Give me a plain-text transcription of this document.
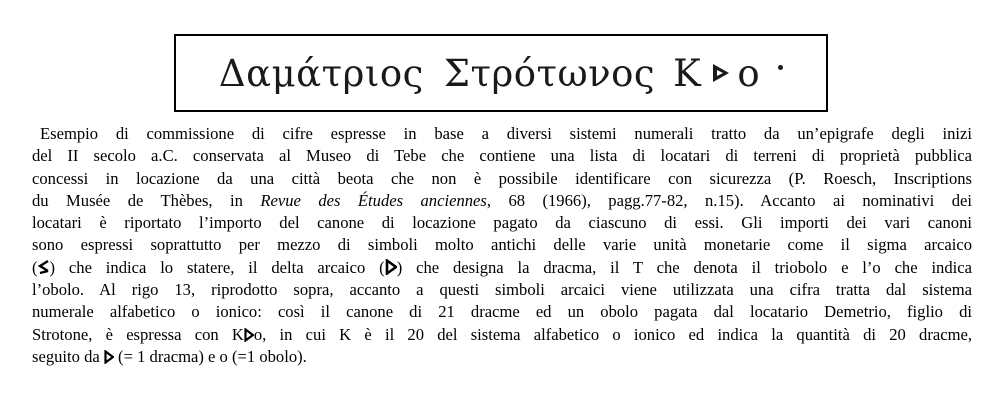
Δαμάτριος Στρότωνος Κ ο
Esempio di commissione di cifre espresse in base a diversi sistemi numerali tratto da un’epigrafe degli inizi
del II secolo a.C. conservata al Museo di Tebe che contiene una lista di locatari di terreni di proprietà pubblica
concessi in locazione da una città beota che non è possibile identificare con sicurezza (P. Roesch, Inscriptions
du Musée de Thèbes, in Revue des Études anciennes, 68 (1966), pagg.77-82, n.15). Accanto ai nominativi dei
locatari è riportato l’importo del canone di locazione pagato da ciascuno di essi. Gli importi dei vari canoni
sono espressi soprattutto per mezzo di simboli molto antichi delle varie unità monetarie come il sigma arcaico
( ) che indica lo statere, il delta arcaico ( ) che designa la dracma, il T che denota il triobolo e l’o che indica
l’obolo. Al rigo 13, riprodotto sopra, accanto a questi simboli arcaici viene utilizzata una cifra tratta dal sistema
numerale alfabetico o ionico: così il canone di 21 dracme ed un obolo pagata dal locatario Demetrio, figlio di
Strotone, è espressa con K o, in cui K è il 20 del sistema alfabetico o ionico ed indica la quantità di 20 dracme,
seguito da
(= 1 dracma) e o (=1 obolo).
